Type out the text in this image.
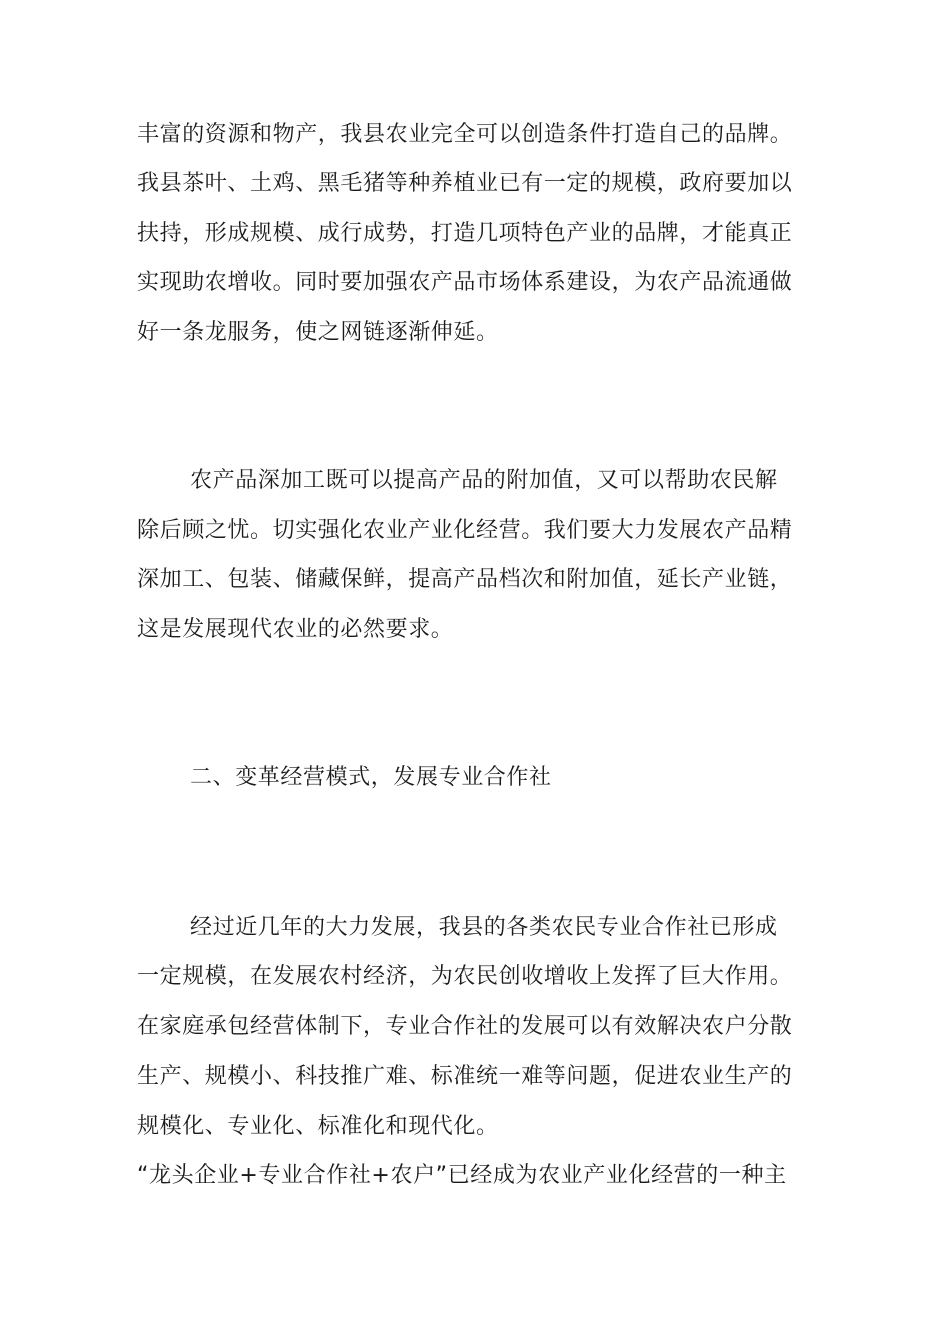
丰富的资源和物产，我县农业完全可以创造条件打造自己的品牌。
我县茶叶、土鸡、黑毛猪等种养植业已有一定的规模，政府要加以
扶持，形成规模、成行成势，打造几项特色产业的品牌，才能真正
实现助农增收。同时要加强农产品市场体系建设，为农产品流通做
好一条龙服务，使之网链逐渐伸延。
农产品深加工既可以提高产品的附加值，又可以帮助农民解
除后顾之忧。切实强化农业产业化经营。我们要大力发展农产品精
深加工、包装、储藏保鲜，提高产品档次和附加值，延长产业链，
这是发展现代农业的必然要求。
二、变革经营模式，发展专业合作社
经过近几年的大力发展，我县的各类农民专业合作社已形成
一定规模，在发展农村经济，为农民创收增收上发挥了巨大作用。
在家庭承包经营体制下，专业合作社的发展可以有效解决农户分散
生产、规模小、科技推广难、标准统一难等问题，促进农业生产的
规模化、专业化、标准化和现代化。
“龙头企业+专业合作社+农户”已经成为农业产业化经营的一种主
